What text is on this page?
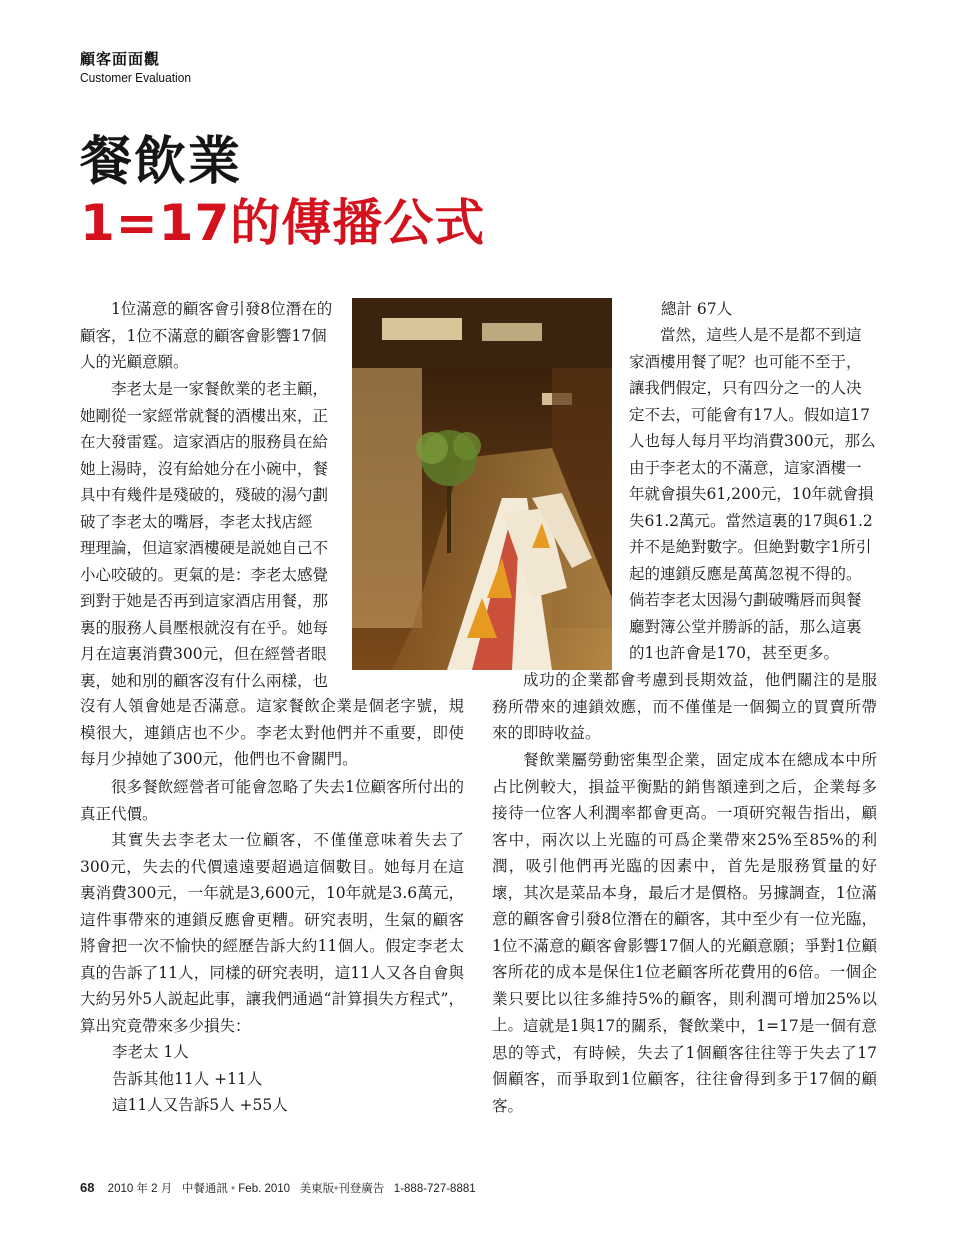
顧客面面觀
Customer Evaluation
餐飲業
1=17的傳播公式

1位滿意的顧客會引發8位潛在的
顧客，1位不滿意的顧客會影響17個
人的光顧意願。

李老太是一家餐飲業的老主顧，
她剛從一家經常就餐的酒樓出來，正
在大發雷霆。這家酒店的服務員在給
她上湯時，沒有給她分在小碗中，餐
具中有幾件是殘破的，殘破的湯勺劃
破了李老太的嘴唇，李老太找店經
理理論，但這家酒樓硬是説她自己不
小心咬破的。更氣的是：李老太感覺
到對于她是否再到這家酒店用餐，那
裏的服務人員壓根就沒有在乎。她每
月在這裏消費300元，但在經營者眼
裏，她和別的顧客沒有什么兩樣，也

沒有人領會她是否滿意。這家餐飲企業是個老字號，規模很大，連鎖店也不少。李老太對他們并不重要，即使每月少掉她了300元，他們也不會關門。

很多餐飲經營者可能會忽略了失去1位顧客所付出的真正代價。

其實失去李老太一位顧客，不僅僅意味着失去了300元，失去的代價遠遠要超過這個數目。她每月在這裏消費300元，一年就是3,600元，10年就是3.6萬元，這件事帶來的連鎖反應會更糟。研究表明，生氣的顧客將會把一次不愉快的經歷告訴大約11個人。假定李老太真的告訴了11人，同樣的研究表明，這11人又各自會與大約另外5人説起此事，讓我們通過“計算損失方程式”，算出究竟帶來多少損失：

李老太 1人
告訴其他11人 +11人
這11人又告訴5人 +55人
總計 67人

當然，這些人是不是都不到這
家酒樓用餐了呢？也可能不至于，
讓我們假定，只有四分之一的人决
定不去，可能會有17人。假如這17
人也每人每月平均消費300元，那么
由于李老太的不滿意，這家酒樓一
年就會損失61,200元，10年就會損
失61.2萬元。當然這裏的17與61.2
并不是絶對數字。但絶對數字1所引
起的連鎖反應是萬萬忽視不得的。
倘若李老太因湯勺劃破嘴唇而與餐
廳對簿公堂并勝訴的話，那么這裏
的1也許會是170，甚至更多。

成功的企業都會考慮到長期效益，他們關注的是服務所帶來的連鎖效應，而不僅僅是一個獨立的買賣所帶來的即時收益。

餐飲業屬勞動密集型企業，固定成本在總成本中所占比例較大，損益平衡點的銷售額達到之后，企業每多接待一位客人利潤率都會更高。一項研究報告指出，顧客中，兩次以上光臨的可爲企業帶來25%至85%的利潤，吸引他們再光臨的因素中，首先是服務質量的好壞，其次是菜品本身，最后才是價格。另據調查，1位滿意的顧客會引發8位潛在的顧客，其中至少有一位光臨，1位不滿意的顧客會影響17個人的光顧意願；爭對1位顧客所花的成本是保住1位老顧客所花費用的6倍。一個企業只要比以往多維持5%的顧客，則利潤可增加25%以上。 這就是1與17的關系，餐飲業中，1=17是一個有意思的等式，有時候，失去了1個顧客往往等于失去了17個顧客，而爭取到1位顧客，往往會得到多于17個的顧客。

68 2010 年 2 月 中餐通訊 • Feb. 2010 美東版•刊登廣告 1-888-727-8881
